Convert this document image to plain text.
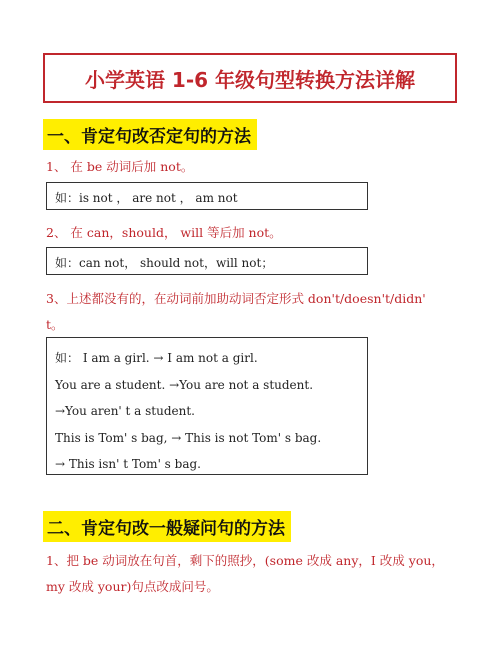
小学英语 1-6 年级句型转换方法详解
一、肯定句改否定句的方法
1、 在 be 动词后加 not。
如：is not ， are not ， am not
2、 在 can，should， will 等后加 not。
如：can not， should not，will not；
3、上述都没有的，在动词前加助动词否定形式 don't/doesn't/didn'
t。
如： I am a girl. → I am not a girl.
You are a student. →You are not a student.
→You aren' t a student.
This is Tom' s bag, → This is not Tom' s bag.
→ This isn' t Tom' s bag.
二、肯定句改一般疑问句的方法
1、把 be 动词放在句首，剩下的照抄，(some 改成 any，I 改成 you，
my 改成 your)句点改成问号。
